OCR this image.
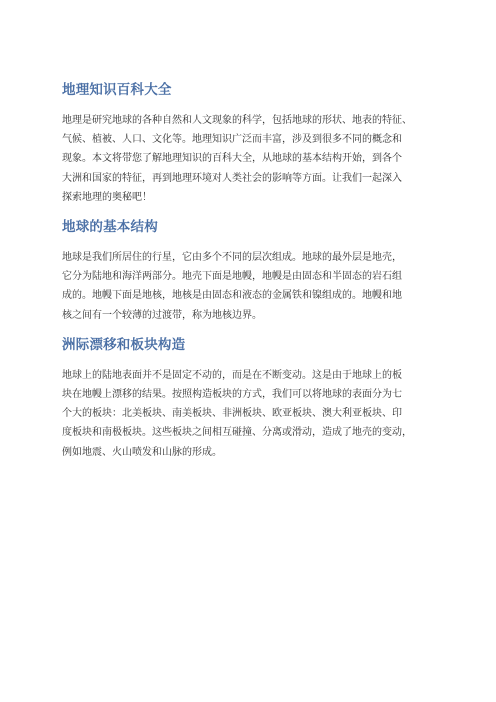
地理知识百科大全

地理是研究地球的各种自然和人文现象的科学，包括地球的形状、地表的特征、
气候、植被、人口、文化等。地理知识广泛而丰富，涉及到很多不同的概念和
现象。本文将带您了解地理知识的百科大全，从地球的基本结构开始，到各个
大洲和国家的特征，再到地理环境对人类社会的影响等方面。让我们一起深入
探索地理的奥秘吧！

地球的基本结构

地球是我们所居住的行星，它由多个不同的层次组成。地球的最外层是地壳，
它分为陆地和海洋两部分。地壳下面是地幔，地幔是由固态和半固态的岩石组
成的。地幔下面是地核，地核是由固态和液态的金属铁和镍组成的。地幔和地
核之间有一个较薄的过渡带，称为地核边界。

洲际漂移和板块构造

地球上的陆地表面并不是固定不动的，而是在不断变动。这是由于地球上的板
块在地幔上漂移的结果。按照构造板块的方式，我们可以将地球的表面分为七
个大的板块：北美板块、南美板块、非洲板块、欧亚板块、澳大利亚板块、印
度板块和南极板块。这些板块之间相互碰撞、分离或滑动，造成了地壳的变动，
例如地震、火山喷发和山脉的形成。
